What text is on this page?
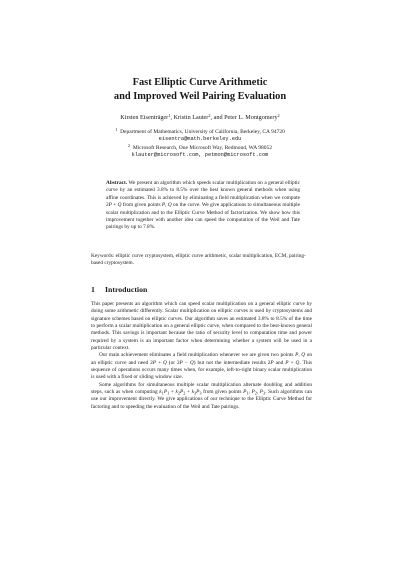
Fast Elliptic Curve Arithmetic
and Improved Weil Pairing Evaluation
Kirsten Eisenträger$^1$, Kristin Lauter$^2$, and Peter L. Montgomery$^2$
$^1$ Department of Mathematics, University of California, Berkeley, CA 94720
eisentra@math.berkeley.edu
$^2$ Microsoft Research, One Microsoft Way, Redmond, WA 98052
klauter@microsoft.com, petmon@microsoft.com
Abstract. We present an algorithm which speeds scalar multiplication on a general elliptic curve by an estimated 3.8% to 8.5% over the best known general methods when using affine coordinates. This is achieved by eliminating a field multiplication when we compute 2P + Q from given points P, Q on the curve. We give applications to simultaneous multiple scalar multiplication and to the Elliptic Curve Method of factorization. We show how this improvement together with another idea can speed the computation of the Weil and Tate pairings by up to 7.8%.
Keywords: elliptic curve cryptosystem, elliptic curve arithmetic, scalar multiplication, ECM, pairing-based cryptosystem.
1 Introduction

This paper presents an algorithm which can speed scalar multiplication on a general elliptic curve by doing some arithmetic differently. Scalar multiplication on elliptic curves is used by cryptosystems and signature schemes based on elliptic curves. Our algorithm saves an estimated 3.8% to 8.5% of the time to perform a scalar multiplication on a general elliptic curve, when compared to the best-known general methods. This savings is important because the ratio of security level to computation time and power required by a system is an important factor when determining whether a system will be used in a particular context.

Our main achievement eliminates a field multiplication whenever we are given two points P, Q on an elliptic curve and need 2P + Q (or 2P − Q) but not the intermediate results 2P and P + Q. This sequence of operations occurs many times when, for example, left-to-right binary scalar multiplication is used with a fixed or sliding window size.

Some algorithms for simultaneous multiple scalar multiplication alternate doubling and addition steps, such as when computing $k_1P_1 + k_2P_2 + k_3P_3$ from given points $P_1$, $P_2$, $P_3$. Such algorithms can use our improvement directly. We give applications of our technique to the Elliptic Curve Method for factoring and to speeding the evaluation of the Weil and Tate pairings.
